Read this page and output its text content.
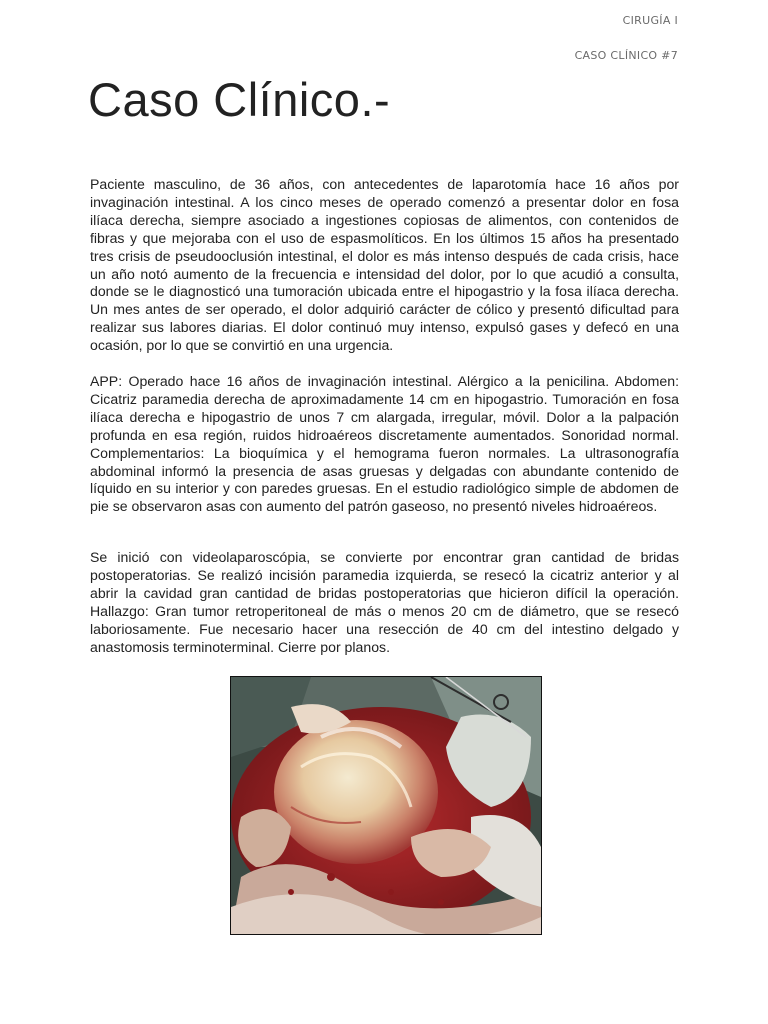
CIRUGÍA I
CASO CLÍNICO #7
Caso Clínico.-

Paciente masculino, de 36 años, con antecedentes de laparotomía hace 16 años por invaginación intestinal. A los cinco meses de operado comenzó a presentar dolor en fosa ilíaca derecha, siempre asociado a ingestiones copiosas de alimentos, con contenidos de fibras y que mejoraba con el uso de espasmolíticos. En los últimos 15 años ha presentado tres crisis de pseudooclusión intestinal, el dolor es más intenso después de cada crisis, hace un año notó aumento de la frecuencia e intensidad del dolor, por lo que acudió a consulta, donde se le diagnosticó una tumoración ubicada entre el hipogastrio y la fosa ilíaca derecha. Un mes antes de ser operado, el dolor adquirió carácter de cólico y presentó dificultad para realizar sus labores diarias. El dolor continuó muy intenso, expulsó gases y defecó en una ocasión, por lo que se convirtió en una urgencia.

APP: Operado hace 16 años de invaginación intestinal. Alérgico a la penicilina. Abdomen: Cicatriz paramedia derecha de aproximadamente 14 cm en hipogastrio. Tumoración en fosa ilíaca derecha e hipogastrio de unos 7 cm alargada, irregular, móvil. Dolor a la palpación profunda en esa región, ruidos hidroaéreos discretamente aumentados. Sonoridad normal. Complementarios: La bioquímica y el hemograma fueron normales. La ultrasonografía abdominal informó la presencia de asas gruesas y delgadas con abundante contenido de líquido en su interior y con paredes gruesas. En el estudio radiológico simple de abdomen de pie se observaron asas con aumento del patrón gaseoso, no presentó niveles hidroaéreos.

Se inició con videolaparoscópia, se convierte por encontrar gran cantidad de bridas postoperatorias. Se realizó incisión paramedia izquierda, se resecó la cicatriz anterior y al abrir la cavidad gran cantidad de bridas postoperatorias que hicieron difícil la operación. Hallazgo: Gran tumor retroperitoneal de más o menos 20 cm de diámetro, que se resecó laboriosamente. Fue necesario hacer una resección de 40 cm del intestino delgado y anastomosis terminoterminal. Cierre por planos.
